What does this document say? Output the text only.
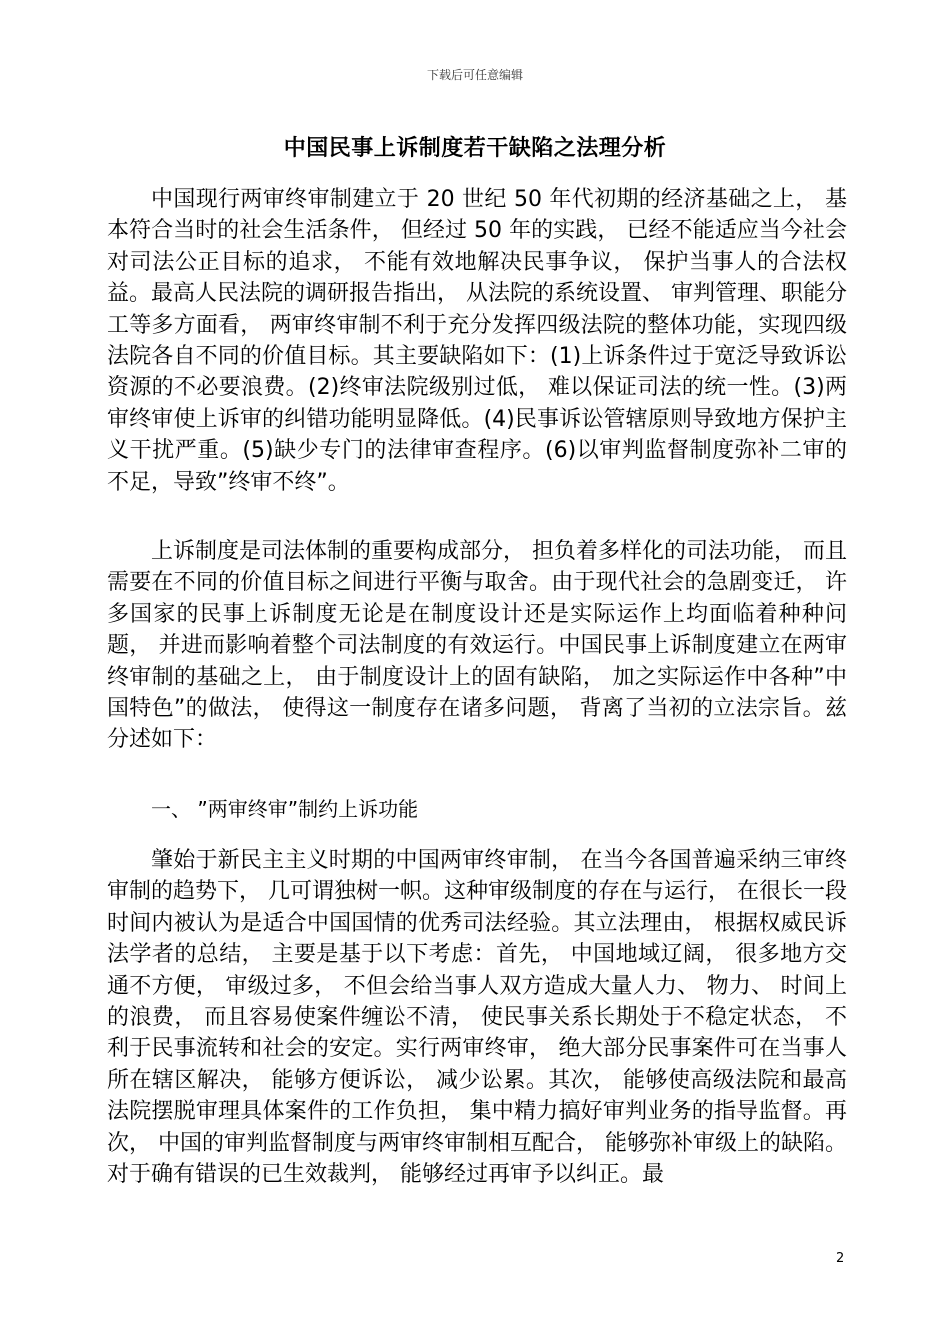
下载后可任意编辑
中国民事上诉制度若干缺陷之法理分析

中国现行两审终审制建立于 20 世纪 50 年代初期的经济基础之上， 基本符合当时的社会生活条件， 但经过 50 年的实践， 已经不能适应当今社会对司法公正目标的追求， 不能有效地解决民事争议， 保护当事人的合法权益。最高人民法院的调研报告指出， 从法院的系统设置、 审判管理、职能分工等多方面看， 两审终审制不利于充分发挥四级法院的整体功能，实现四级法院各自不同的价值目标。其主要缺陷如下：(1)上诉条件过于宽泛导致诉讼资源的不必要浪费。(2)终审法院级别过低， 难以保证司法的统一性。(3)两审终审使上诉审的纠错功能明显降低。(4)民事诉讼管辖原则导致地方保护主义干扰严重。(5)缺少专门的法律审查程序。(6)以审判监督制度弥补二审的不足，导致”终审不终”。

上诉制度是司法体制的重要构成部分， 担负着多样化的司法功能， 而且需要在不同的价值目标之间进行平衡与取舍。由于现代社会的急剧变迁， 许多国家的民事上诉制度无论是在制度设计还是实际运作上均面临着种种问题， 并进而影响着整个司法制度的有效运行。中国民事上诉制度建立在两审终审制的基础之上， 由于制度设计上的固有缺陷， 加之实际运作中各种”中国特色”的做法， 使得这一制度存在诸多问题， 背离了当初的立法宗旨。兹分述如下：

一、 ”两审终审”制约上诉功能

肇始于新民主主义时期的中国两审终审制， 在当今各国普遍采纳三审终审制的趋势下， 几可谓独树一帜。这种审级制度的存在与运行， 在很长一段时间内被认为是适合中国国情的优秀司法经验。其立法理由， 根据权威民诉法学者的总结， 主要是基于以下考虑：首先， 中国地域辽阔， 很多地方交通不方便， 审级过多， 不但会给当事人双方造成大量人力、 物力、 时间上的浪费， 而且容易使案件缠讼不清， 使民事关系长期处于不稳定状态， 不利于民事流转和社会的安定。实行两审终审， 绝大部分民事案件可在当事人所在辖区解决， 能够方便诉讼， 减少讼累。其次， 能够使高级法院和最高法院摆脱审理具体案件的工作负担， 集中精力搞好审判业务的指导监督。再次， 中国的审判监督制度与两审终审制相互配合， 能够弥补审级上的缺陷。对于确有错误的已生效裁判， 能够经过再审予以纠正。最

2
